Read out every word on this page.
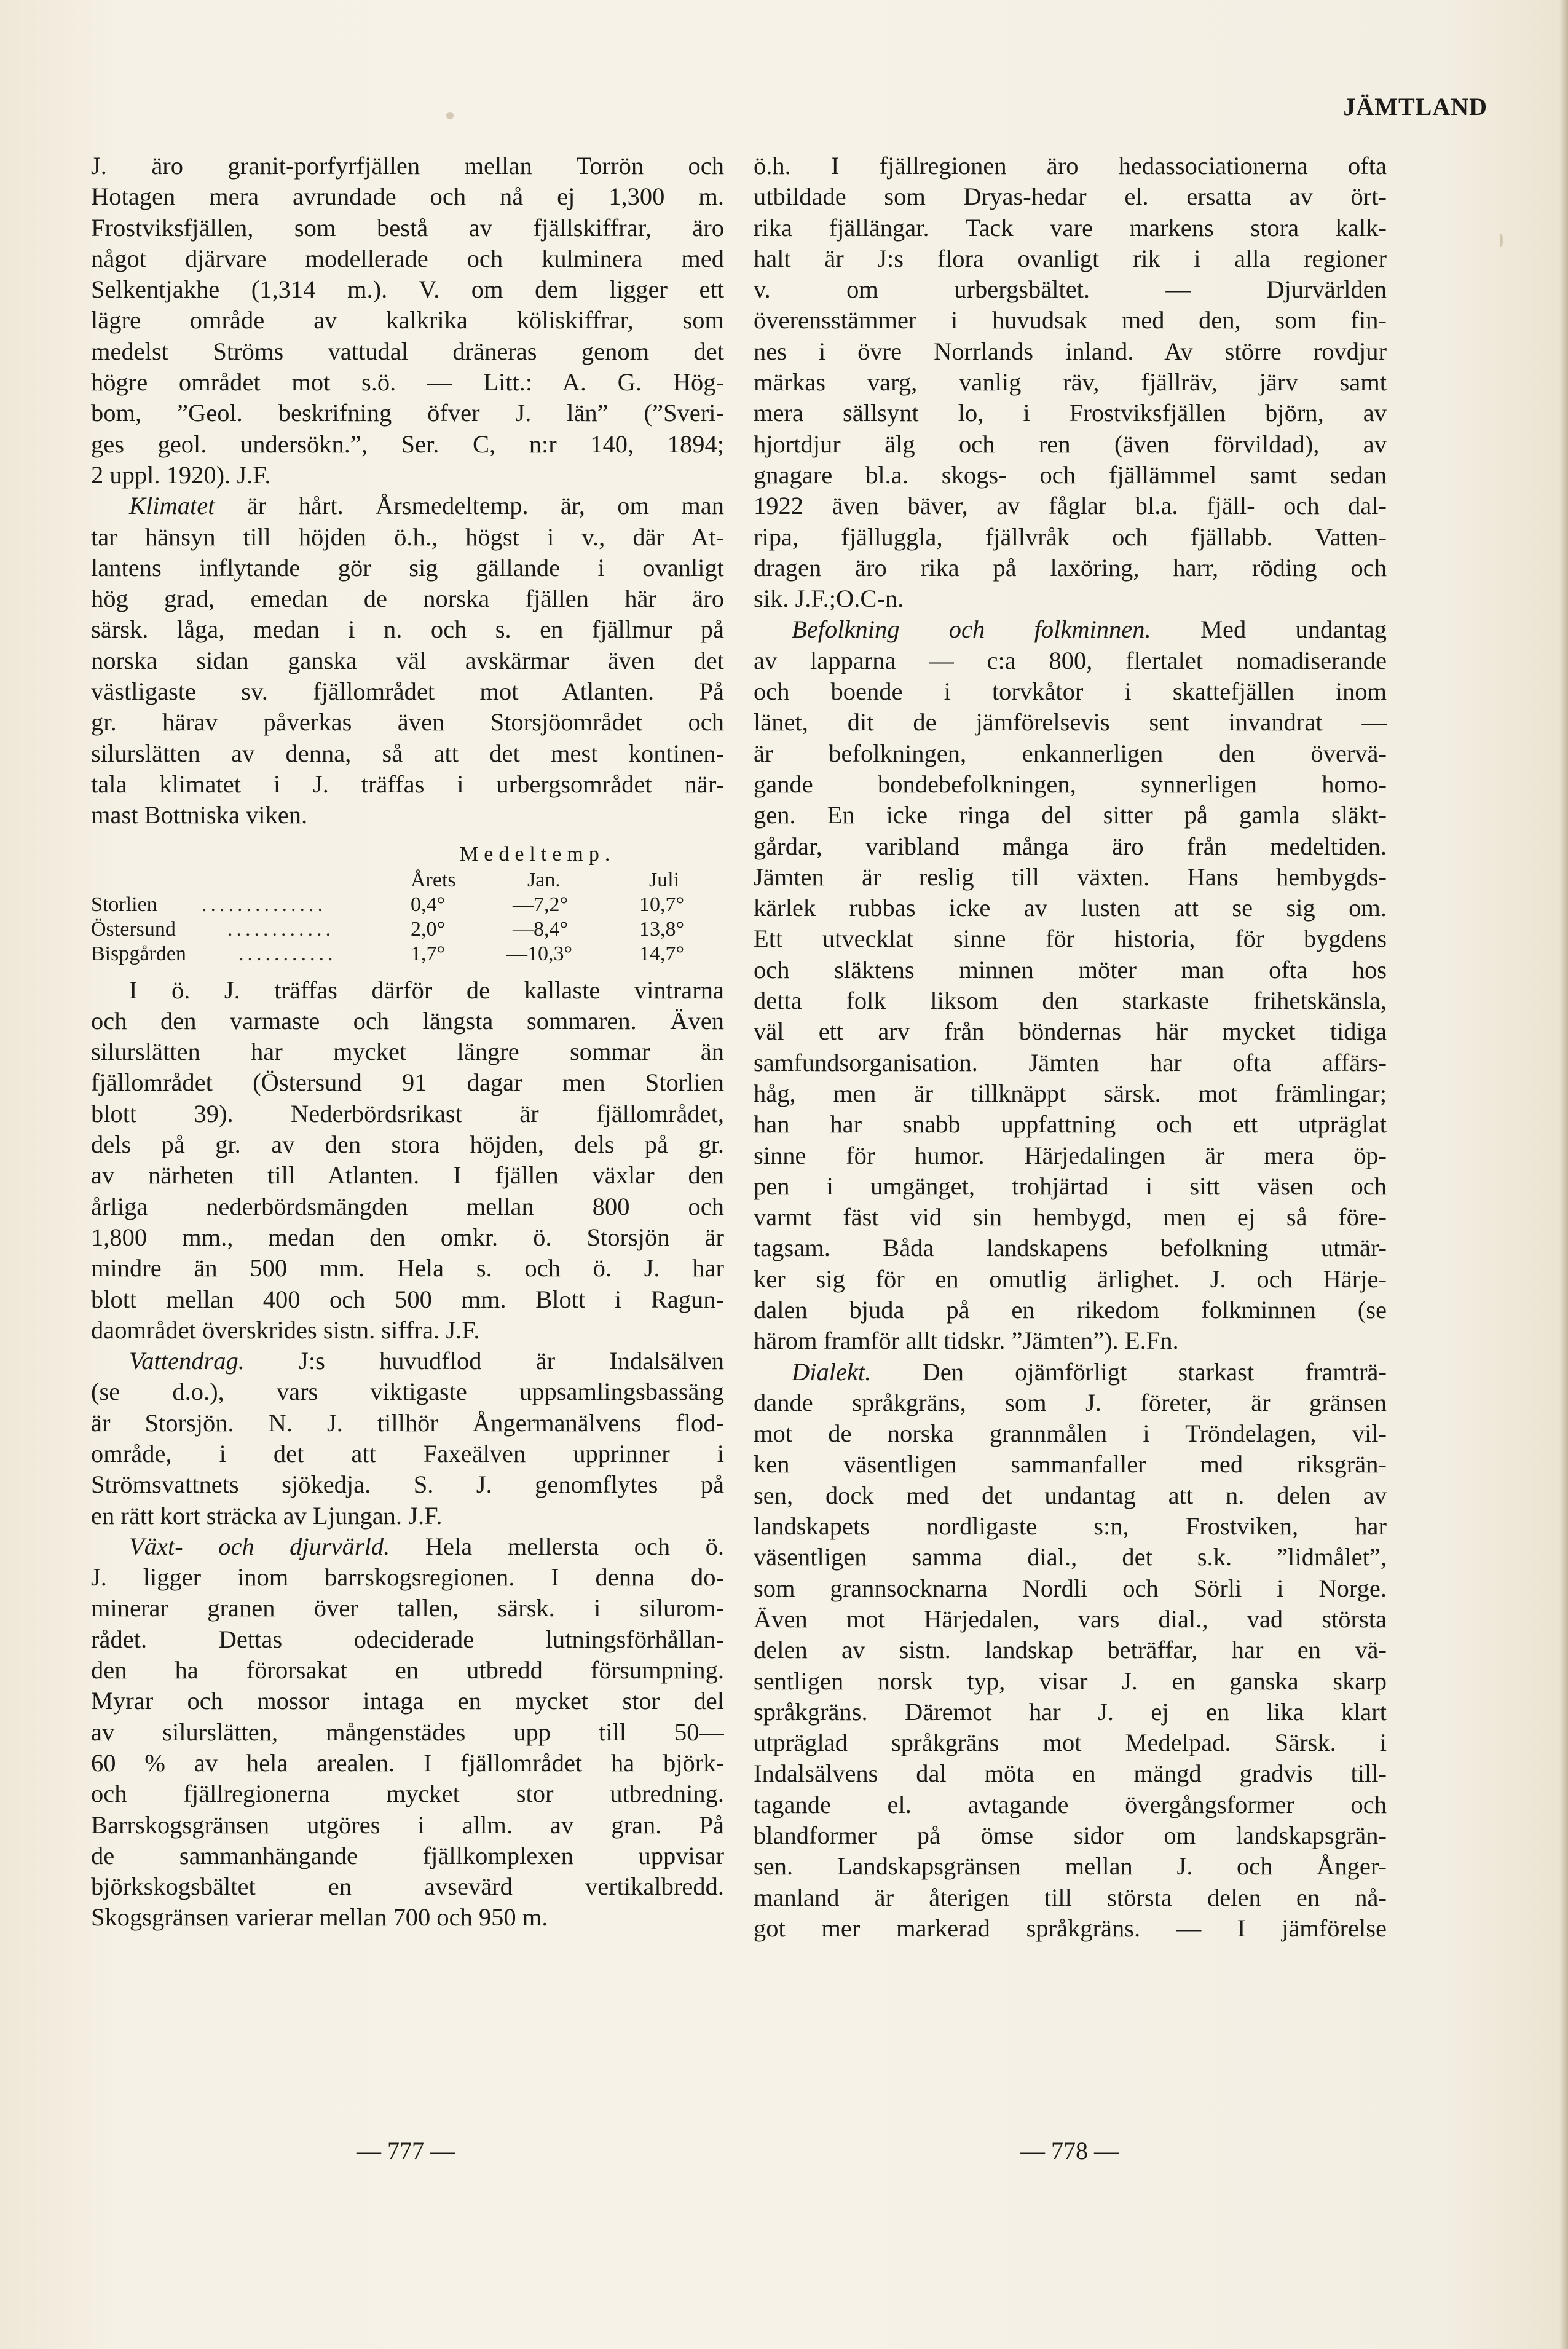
JÄMTLAND
J. äro granit-porfyrfjällen mellan Torrön och
Hotagen mera avrundade och nå ej 1,300 m.
Frostviksfjällen, som bestå av fjällskiffrar, äro
något djärvare modellerade och kulminera med
Selkentjakhe (1,314 m.). V. om dem ligger ett
lägre område av kalkrika köliskiffrar, som
medelst Ströms vattudal dräneras genom det
högre området mot s.ö. — Litt.: A. G. Hög-
bom, ”Geol. beskrifning öfver J. län” (”Sveri-
ges geol. undersökn.”, Ser. C, n:r 140, 1894;
2 uppl. 1920). J.F.
Klimatet är hårt. Årsmedeltemp. är, om man
tar hänsyn till höjden ö.h., högst i v., där At-
lantens inflytande gör sig gällande i ovanligt
hög grad, emedan de norska fjällen här äro
särsk. låga, medan i n. och s. en fjällmur på
norska sidan ganska väl avskärmar även det
västligaste sv. fjällområdet mot Atlanten. På
gr. härav påverkas även Storsjöområdet och
silurslätten av denna, så att det mest kontinen-
tala klimatet i J. träffas i urbergsområdet när-
mast Bottniska viken.
Medeltemp.
Årets	Jan.	Juli
Storlien ..............	0,4°	—7,2°	10,7°
Östersund ............	2,0°	—8,4°	13,8°
Bispgården	...........	1,7°	—10,3°	14,7°
I ö. J. träffas därför de kallaste vintrarna
och den varmaste och längsta sommaren. Även
silurslätten har mycket längre sommar än
fjällområdet (Östersund 91 dagar men Storlien
blott 39). Nederbördsrikast är fjällområdet,
dels på gr. av den stora höjden, dels på gr.
av närheten till Atlanten. I fjällen växlar den
årliga nederbördsmängden mellan 800 och
1,800 mm., medan den omkr. ö. Storsjön är
mindre än 500 mm. Hela s. och ö. J. har
blott mellan 400 och 500 mm. Blott i Ragun-
daområdet överskrides sistn. siffra. J.F.
Vattendrag. J:s huvudflod är Indalsälven
(se d.o.), vars viktigaste uppsamlingsbassäng
är Storsjön. N. J. tillhör Ångermanälvens flod-
område, i det att Faxeälven upprinner i
Strömsvattnets sjökedja. S. J. genomflytes på
en rätt kort sträcka av Ljungan. J.F.
Växt- och djurvärld. Hela mellersta och ö.
J. ligger inom barrskogsregionen. I denna do-
minerar granen över tallen, särsk. i silurom-
rådet. Dettas odeciderade lutningsförhållan-
den ha förorsakat en utbredd försumpning.
Myrar och mossor intaga en mycket stor del
av silurslätten, mångenstädes upp till 50—
60 % av hela arealen. I fjällområdet ha björk-
och fjällregionerna mycket stor utbredning.
Barrskogsgränsen utgöres i allm. av gran. På
de sammanhängande fjällkomplexen uppvisar
björkskogsbältet en avsevärd vertikalbredd.
Skogsgränsen varierar mellan 700 och 950 m.
ö.h. I fjällregionen äro hedassociationerna ofta
utbildade som Dryas-hedar el. ersatta av ört-
rika fjällängar. Tack vare markens stora kalk-
halt är J:s flora ovanligt rik i alla regioner
v. om urbergsbältet. — Djurvärlden
överensstämmer i huvudsak med den, som fin-
nes i övre Norrlands inland. Av större rovdjur
märkas varg, vanlig räv, fjällräv, järv samt
mera sällsynt lo, i Frostviksfjällen björn, av
hjortdjur älg och ren (även förvildad), av
gnagare bl.a. skogs- och fjällämmel samt sedan
1922 även bäver, av fåglar bl.a. fjäll- och dal-
ripa, fjälluggla, fjällvråk och fjällabb. Vatten-
dragen äro rika på laxöring, harr, röding och
sik. J.F.;O.C-n.
Befolkning och folkminnen. Med undantag
av lapparna — c:a 800, flertalet nomadiserande
och boende i torvkåtor i skattefjällen inom
länet, dit de jämförelsevis sent invandrat —
är befolkningen, enkannerligen den övervä-
gande bondebefolkningen, synnerligen homo-
gen. En icke ringa del sitter på gamla släkt-
gårdar, varibland många äro från medeltiden.
Jämten är reslig till växten. Hans hembygds-
kärlek rubbas icke av lusten att se sig om.
Ett utvecklat sinne för historia, för bygdens
och släktens minnen möter man ofta hos
detta folk liksom den starkaste frihetskänsla,
väl ett arv från böndernas här mycket tidiga
samfundsorganisation. Jämten har ofta affärs-
håg, men är tillknäppt särsk. mot främlingar;
han har snabb uppfattning och ett utpräglat
sinne för humor. Härjedalingen är mera öp-
pen i umgänget, trohjärtad i sitt väsen och
varmt fäst vid sin hembygd, men ej så före-
tagsam. Båda landskapens befolkning utmär-
ker sig för en omutlig ärlighet. J. och Härje-
dalen bjuda på en rikedom folkminnen (se
härom framför allt tidskr. ”Jämten”). E.Fn.
Dialekt. Den ojämförligt starkast framträ-
dande språkgräns, som J. företer, är gränsen
mot de norska grannmålen i Tröndelagen, vil-
ken väsentligen sammanfaller med riksgrän-
sen, dock med det undantag att n. delen av
landskapets nordligaste s:n, Frostviken, har
väsentligen samma dial., det s.k. ”lidmålet”,
som grannsocknarna Nordli och Sörli i Norge.
Även mot Härjedalen, vars dial., vad största
delen av sistn. landskap beträffar, har en vä-
sentligen norsk typ, visar J. en ganska skarp
språkgräns. Däremot har J. ej en lika klart
utpräglad språkgräns mot Medelpad. Särsk. i
Indalsälvens dal möta en mängd gradvis till-
tagande el. avtagande övergångsformer och
blandformer på ömse sidor om landskapsgrän-
sen. Landskapsgränsen mellan J. och Ånger-
manland är återigen till största delen en nå-
got mer markerad språkgräns. — I jämförelse
— 777 —	— 778 —
